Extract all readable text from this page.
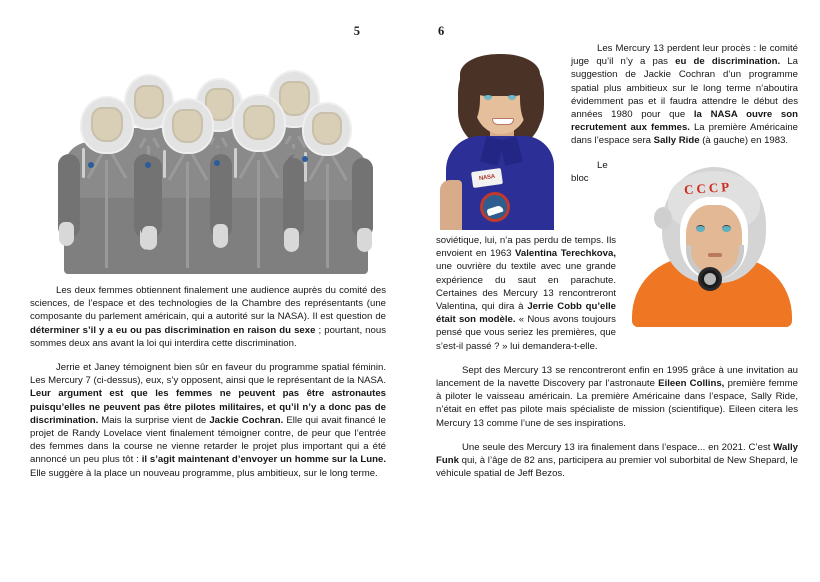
5

Les deux femmes obtiennent finalement une audience auprès du comité des sciences, de l’espace et des technologies de la Chambre des représentants (une composante du parlement américain, qui a autorité sur la NASA). Il est question de déterminer s’il y a eu ou pas discrimination en raison du sexe ; pourtant, nous sommes deux ans avant la loi qui interdira cette discrimination.

Jerrie et Janey témoignent bien sûr en faveur du programme spatial féminin. Les Mercury 7 (ci-dessus), eux, s’y opposent, ainsi que le représentant de la NASA. Leur argument est que les femmes ne peuvent pas être astronautes puisqu’elles ne peuvent pas être pilotes militaires, et qu’il n’y a donc pas de discrimination. Mais la surprise vient de Jackie Cochran. Elle qui avait financé le projet de Randy Lovelace vient finalement témoigner contre, de peur que l’entrée des femmes dans la course ne vienne retarder le projet plus important qui a été annoncé un peu plus tôt : il s’agit maintenant d’envoyer un homme sur la Lune. Elle suggère à la place un nouveau programme, plus ambitieux, sur le long terme.

6
NASA

Les Mercury 13 perdent leur procès : le comité juge qu’il n’y a pas eu de discrimination. La suggestion de Jackie Cochran d’un programme spatial plus ambitieux sur le long terme n’aboutira évidemment pas et il faudra attendre le début des années 1980 pour que la NASA ouvre son recrutement aux femmes. La première Américaine dans l’espace sera Sally Ride (à gauche) en 1983.

CCCP

Le bloc soviétique, lui, n’a pas perdu de temps. Ils envoient en 1963 Valentina Terechkova, une ouvrière du textile avec une grande expérience du saut en parachute. Certaines des Mercury 13 rencontreront Valentina, qui dira à Jerrie Cobb qu’elle était son modèle. « Nous avons toujours pensé que vous seriez les premières, que s’est-il passé ? » lui demandera-t-elle.

Sept des Mercury 13 se rencontreront enfin en 1995 grâce à une invitation au lancement de la navette Discovery par l’astronaute Eileen Collins, première femme à piloter le vaisseau américain. La première Américaine dans l’espace, Sally Ride, n’était en effet pas pilote mais spécialiste de mission (scientifique). Eileen citera les Mercury 13 comme l’une de ses inspirations.

Une seule des Mercury 13 ira finalement dans l’espace... en 2021. C’est Wally Funk qui, à l’âge de 82 ans, participera au premier vol suborbital de New Shepard, le véhicule spatial de Jeff Bezos.
